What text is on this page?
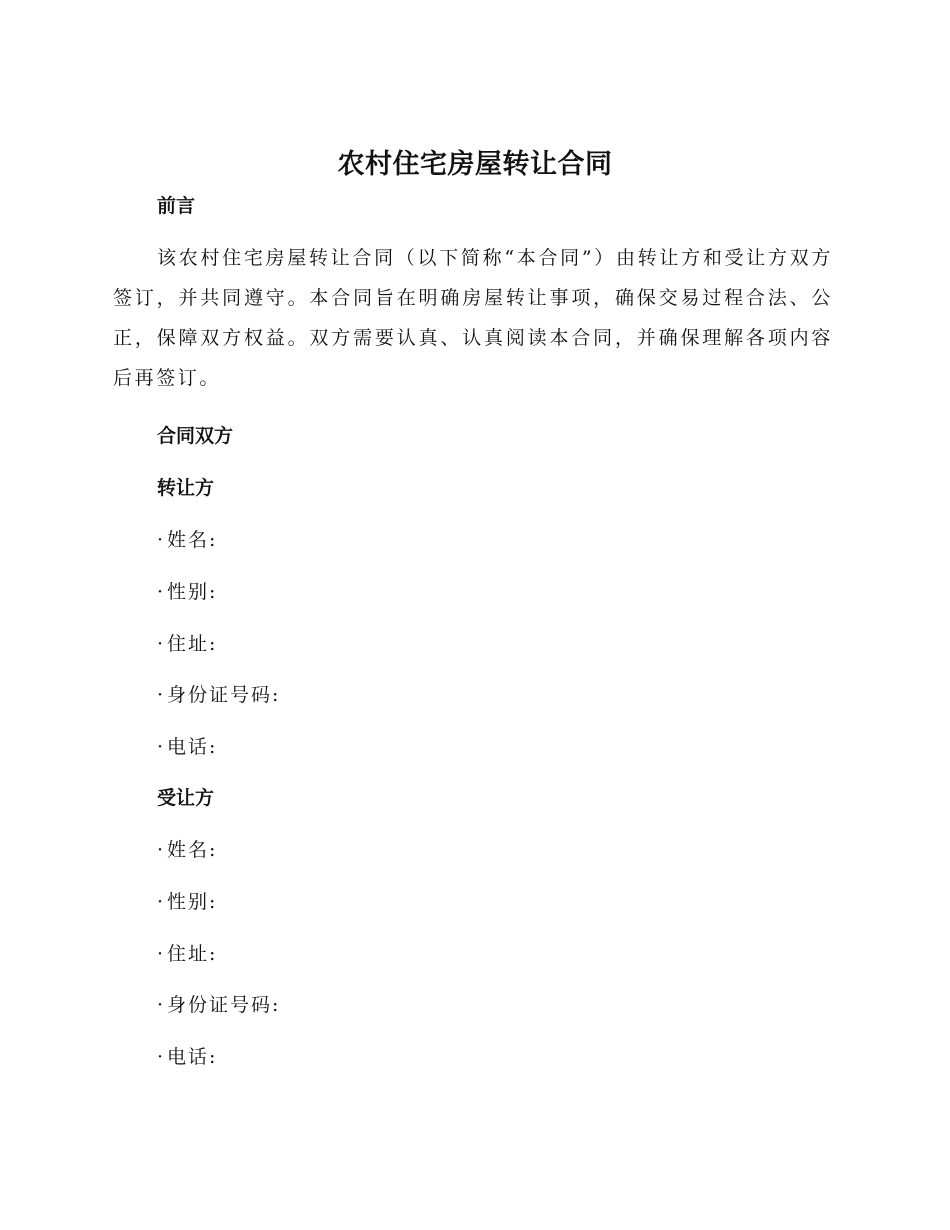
农村住宅房屋转让合同
前言

该农村住宅房屋转让合同（以下简称“本合同”）由转让方和受让方双方签订，并共同遵守。本合同旨在明确房屋转让事项，确保交易过程合法、公正，保障双方权益。双方需要认真、认真阅读本合同，并确保理解各项内容后再签订。

合同双方
转让方

· 姓名:

· 性别:

· 住址:

· 身份证号码:

· 电话:

受让方

· 姓名:

· 性别:

· 住址:

· 身份证号码:

· 电话:
